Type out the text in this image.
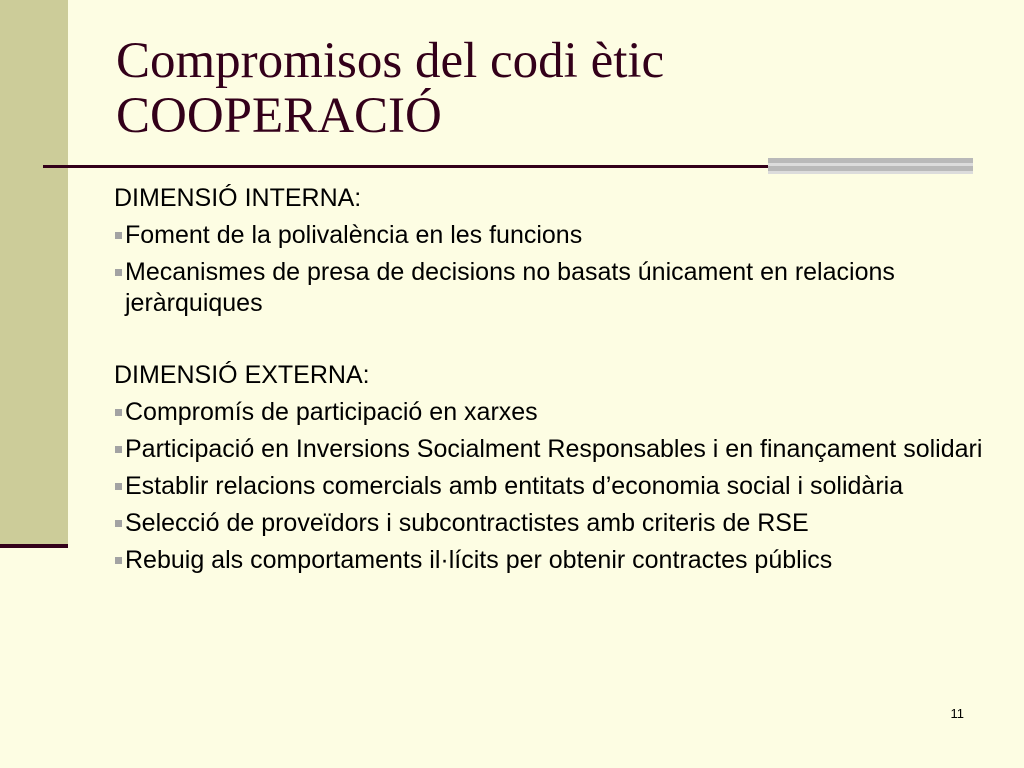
Compromisos del codi ètic
COOPERACIÓ
DIMENSIÓ INTERNA:
Foment de la polivalència en les funcions
Mecanismes de presa de decisions no basats únicament en relacions jeràrquiques
DIMENSIÓ EXTERNA:
Compromís de participació en xarxes
Participació en Inversions Socialment Responsables i en finançament solidari
Establir relacions comercials amb entitats d’economia social i solidària
Selecció de proveïdors i subcontractistes amb criteris de RSE
Rebuig als comportaments il·lícits per obtenir contractes públics
11
